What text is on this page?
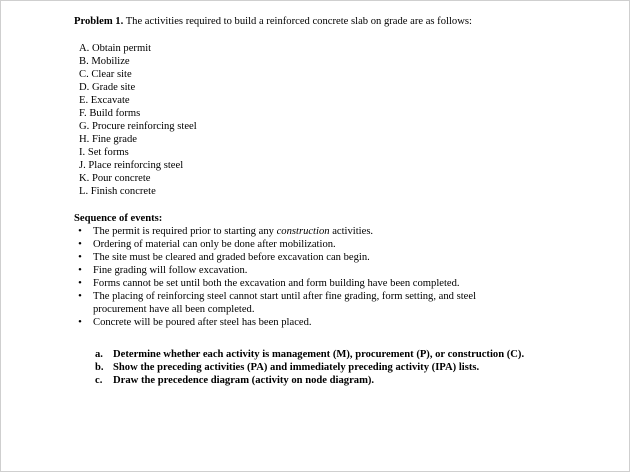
Problem 1. The activities required to build a reinforced concrete slab on grade are as follows:
A. Obtain permit
B. Mobilize
C. Clear site
D. Grade site
E. Excavate
F. Build forms
G. Procure reinforcing steel
H. Fine grade
I. Set forms
J. Place reinforcing steel
K. Pour concrete
L. Finish concrete
Sequence of events:
• The permit is required prior to starting any construction activities.
• Ordering of material can only be done after mobilization.
• The site must be cleared and graded before excavation can begin.
• Fine grading will follow excavation.
• Forms cannot be set until both the excavation and form building have been completed.
• The placing of reinforcing steel cannot start until after fine grading, form setting, and steel procurement have all been completed.
• Concrete will be poured after steel has been placed.
a. Determine whether each activity is management (M), procurement (P), or construction (C).
b. Show the preceding activities (PA) and immediately preceding activity (IPA) lists.
c. Draw the precedence diagram (activity on node diagram).
